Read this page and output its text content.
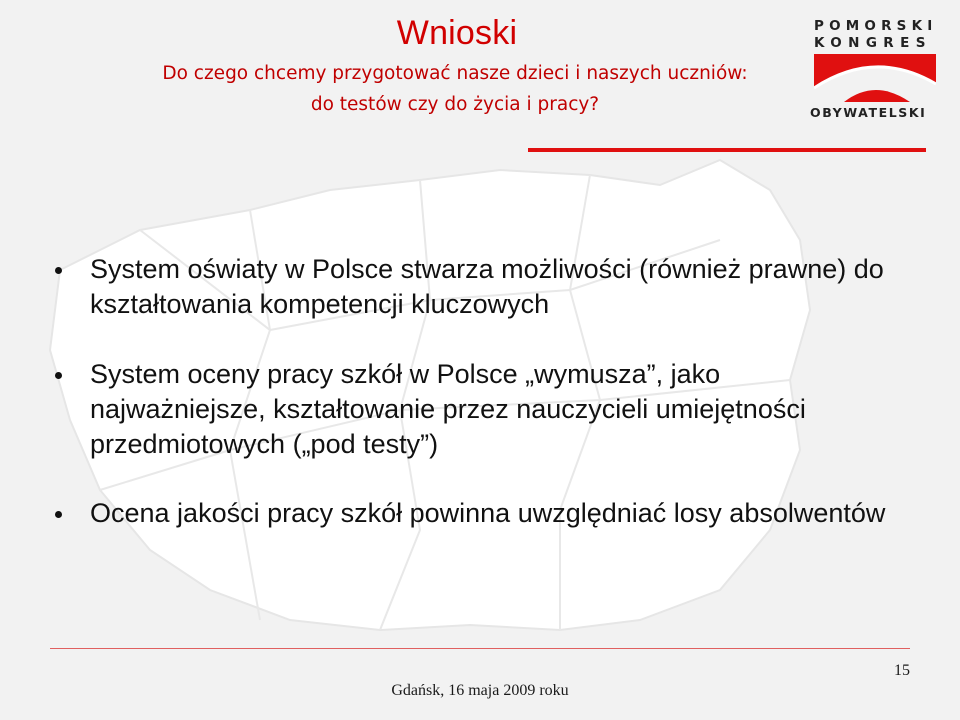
Wnioski
Do czego chcemy przygotować nasze dzieci i naszych uczniów:
do testów czy do życia i pracy?
POMORSKI
KONGRES
OBYWATELSKI
System oświaty w Polsce stwarza możliwości (również prawne) do kształtowania kompetencji kluczowych
System oceny pracy szkół w Polsce „wymusza”, jako najważniejsze, kształtowanie przez nauczycieli umiejętności przedmiotowych („pod testy”)
Ocena jakości pracy szkół powinna uwzględniać losy absolwentów
Gdańsk, 16 maja 2009 roku
15
